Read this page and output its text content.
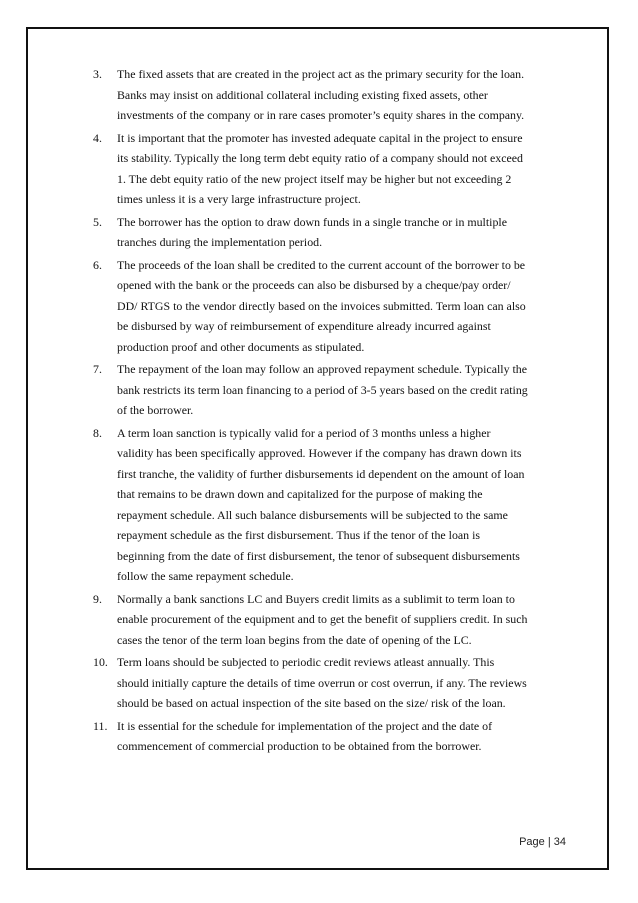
3. The fixed assets that are created in the project act as the primary security for the loan.
Banks may insist on additional collateral including existing fixed assets, other
investments of the company or in rare cases promoter’s equity shares in the company.
4. It is important that the promoter has invested adequate capital in the project to ensure
its stability. Typically the long term debt equity ratio of a company should not exceed
1. The debt equity ratio of the new project itself may be higher but not exceeding 2
times unless it is a very large infrastructure project.
5. The borrower has the option to draw down funds in a single tranche or in multiple
tranches during the implementation period.
6. The proceeds of the loan shall be credited to the current account of the borrower to be
opened with the bank or the proceeds can also be disbursed by a cheque/pay order/
DD/ RTGS to the vendor directly based on the invoices submitted. Term loan can also
be disbursed by way of reimbursement of expenditure already incurred against
production proof and other documents as stipulated.
7. The repayment of the loan may follow an approved repayment schedule. Typically the
bank restricts its term loan financing to a period of 3-5 years based on the credit rating
of the borrower.
8. A term loan sanction is typically valid for a period of 3 months unless a higher
validity has been specifically approved. However if the company has drawn down its
first tranche, the validity of further disbursements id dependent on the amount of loan
that remains to be drawn down and capitalized for the purpose of making the
repayment schedule. All such balance disbursements will be subjected to the same
repayment schedule as the first disbursement. Thus if the tenor of the loan is
beginning from the date of first disbursement, the tenor of subsequent disbursements
follow the same repayment schedule.
9. Normally a bank sanctions LC and Buyers credit limits as a sublimit to term loan to
enable procurement of the equipment and to get the benefit of suppliers credit. In such
cases the tenor of the term loan begins from the date of opening of the LC.
10. Term loans should be subjected to periodic credit reviews atleast annually. This
should initially capture the details of time overrun or cost overrun, if any. The reviews
should be based on actual inspection of the site based on the size/ risk of the loan.
11. It is essential for the schedule for implementation of the project and the date of
commencement of commercial production to be obtained from the borrower.
Page | 34
